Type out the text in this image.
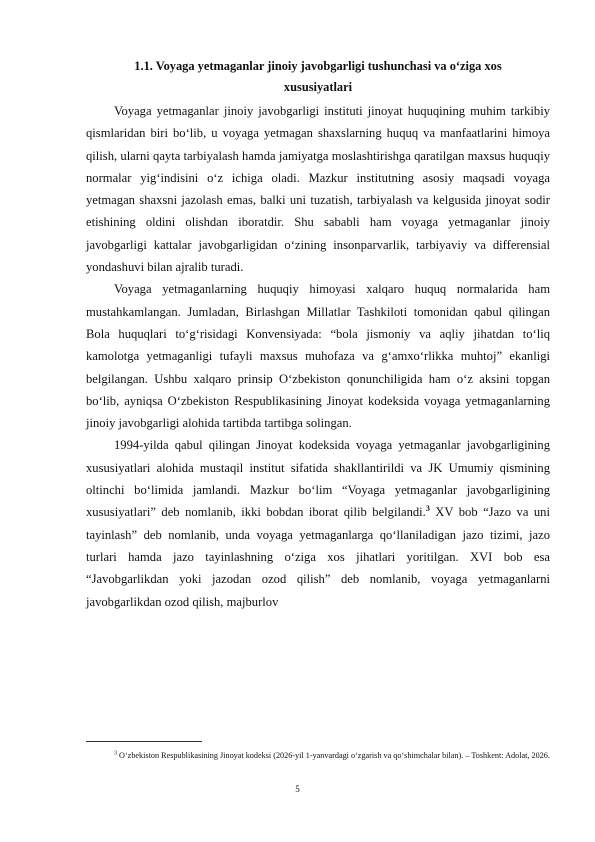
1.1. Voyaga yetmaganlar jinoiy javobgarligi tushunchasi va o‘ziga xos
xususiyatlari

Voyaga yetmaganlar jinoiy javobgarligi instituti jinoyat huquqining muhim tarkibiy qismlaridan biri bo‘lib, u voyaga yetmagan shaxslarning huquq va manfaatlarini himoya qilish, ularni qayta tarbiyalash hamda jamiyatga moslashtirishga qaratilgan maxsus huquqiy normalar yig‘indisini o‘z ichiga oladi. Mazkur institutning asosiy maqsadi voyaga yetmagan shaxsni jazolash emas, balki uni tuzatish, tarbiyalash va kelgusida jinoyat sodir etishining oldini olishdan iboratdir. Shu sababli ham voyaga yetmaganlar jinoiy javobgarligi kattalar javobgarligidan o‘zining insonparvarlik, tarbiyaviy va differensial yondashuvi bilan ajralib turadi.

Voyaga yetmaganlarning huquqiy himoyasi xalqaro huquq normalarida ham mustahkamlangan. Jumladan, Birlashgan Millatlar Tashkiloti tomonidan qabul qilingan Bola huquqlari to‘g‘risidagi Konvensiyada: “bola jismoniy va aqliy jihatdan to‘liq kamolotga yetmaganligi tufayli maxsus muhofaza va g‘amxo‘rlikka muhtoj” ekanligi belgilangan. Ushbu xalqaro prinsip O‘zbekiston qonunchiligida ham o‘z aksini topgan bo‘lib, ayniqsa O‘zbekiston Respublikasining Jinoyat kodeksida voyaga yetmaganlarning jinoiy javobgarligi alohida tartibda tartibga solingan.

1994-yilda qabul qilingan Jinoyat kodeksida voyaga yetmaganlar javobgarligining xususiyatlari alohida mustaqil institut sifatida shakllantirildi va JK Umumiy qismining oltinchi bo‘limida jamlandi. Mazkur bo‘lim “Voyaga yetmaganlar javobgarligining xususiyatlari” deb nomlanib, ikki bobdan iborat qilib belgilandi.$^3$ XV bob “Jazo va uni tayinlash” deb nomlanib, unda voyaga yetmaganlarga qo‘llaniladigan jazo tizimi, jazo turlari hamda jazo tayinlashning o‘ziga xos jihatlari yoritilgan. XVI bob esa “Javobgarlikdan yoki jazodan ozod qilish” deb nomlanib, voyaga yetmaganlarni javobgarlikdan ozod qilish, majburlov

$^3$ O‘zbekiston Respublikasining Jinoyat kodeksi (2026-yil 1-yanvardagi o‘zgarish va qo‘shimchalar bilan). – Toshkent: Adolat, 2026.
5
